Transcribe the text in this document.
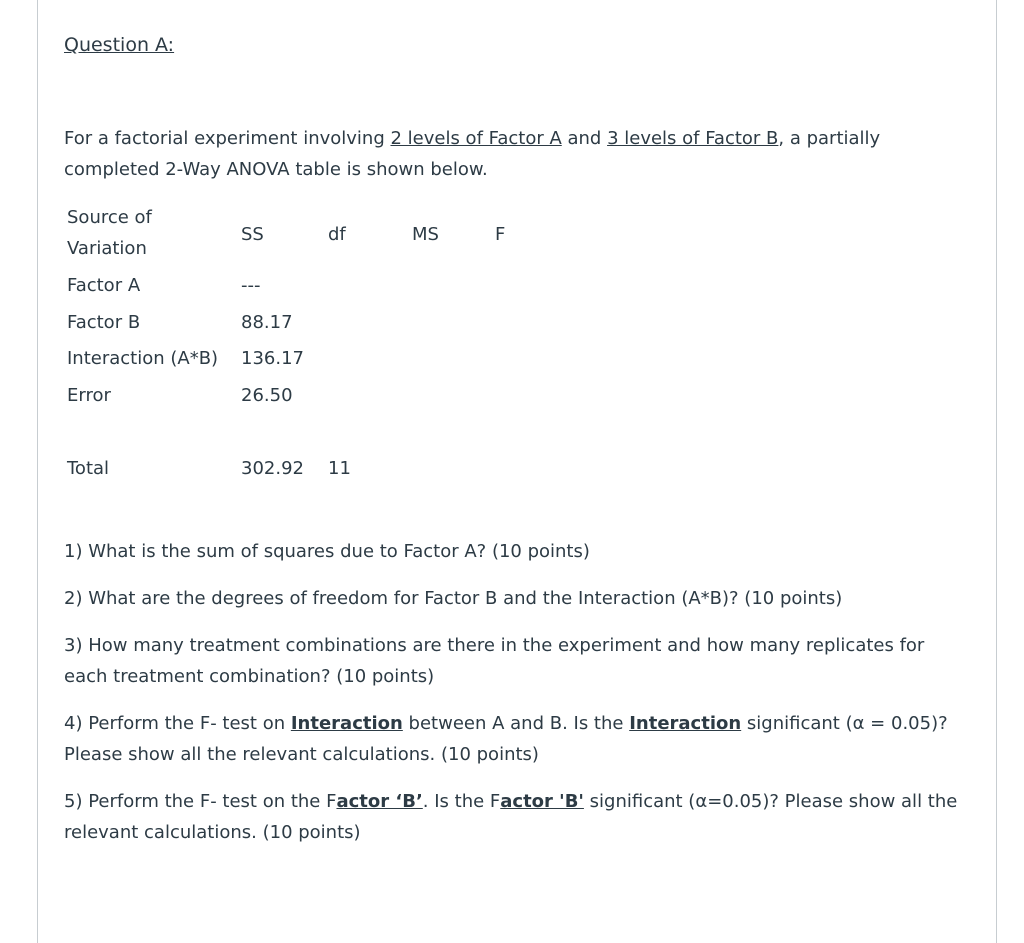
Question A:
For a factorial experiment involving 2 levels of Factor A and 3 levels of Factor B, a partially
completed 2-Way ANOVA table is shown below.
Source of
Variation
SS	df	MS	F
Factor A	---
Factor B	88.17
Interaction (A*B) 136.17
Error	26.50
Total	302.92 11
1) What is the sum of squares due to Factor A? (10 points)
2) What are the degrees of freedom for Factor B and the Interaction (A*B)? (10 points)
3) How many treatment combinations are there in the experiment and how many replicates for
each treatment combination? (10 points)
4) Perform the F- test on Interaction between A and B. Is the Interaction significant (α = 0.05)?
Please show all the relevant calculations. (10 points)
5) Perform the F- test on the Factor ‘B’. Is the Factor 'B' significant (α=0.05)? Please show all the
relevant calculations. (10 points)
